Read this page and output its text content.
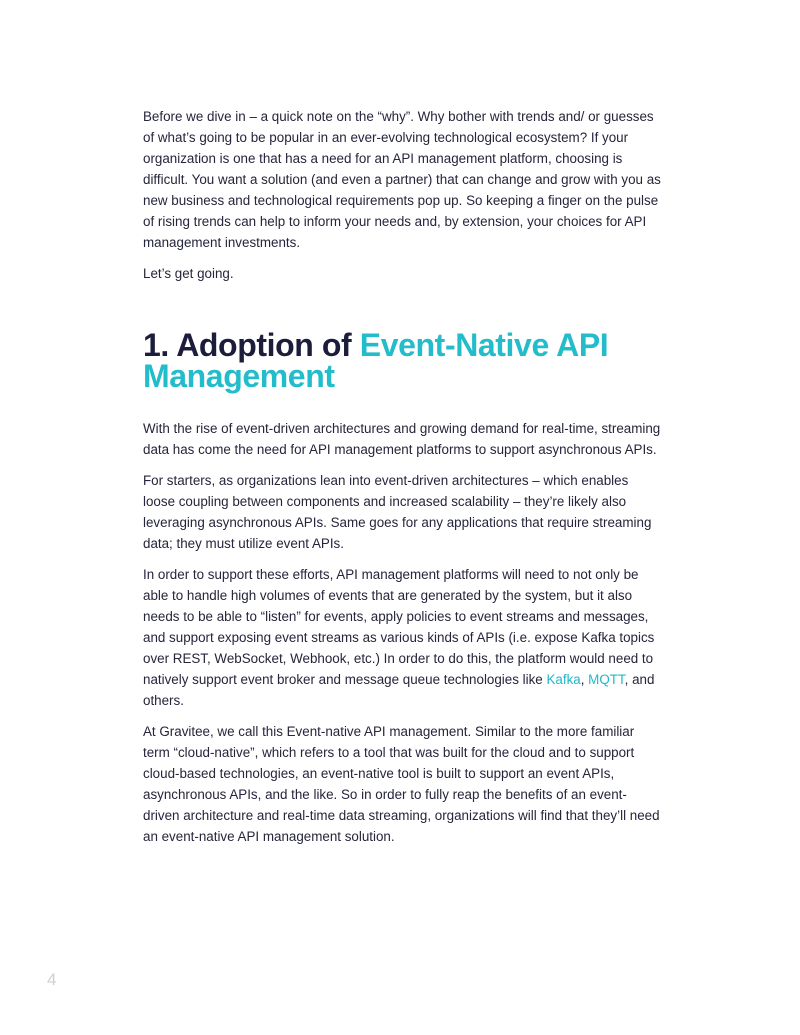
Before we dive in – a quick note on the “why”. Why bother with trends and/ or guesses of what’s going to be popular in an ever-evolving technological ecosystem? If your organization is one that has a need for an API management platform, choosing is difficult. You want a solution (and even a partner) that can change and grow with you as new business and technological requirements pop up. So keeping a finger on the pulse of rising trends can help to inform your needs and, by extension, your choices for API management investments.

Let’s get going.

1. Adoption of Event-Native API Management

With the rise of event-driven architectures and growing demand for real-time, streaming data has come the need for API management platforms to support asynchronous APIs.

For starters, as organizations lean into event-driven architectures – which enables loose coupling between components and increased scalability – they’re likely also leveraging asynchronous APIs. Same goes for any applications that require streaming data; they must utilize event APIs.

In order to support these efforts, API management platforms will need to not only be able to handle high volumes of events that are generated by the system, but it also needs to be able to “listen” for events, apply policies to event streams and messages, and support exposing event streams as various kinds of APIs (i.e. expose Kafka topics over REST, WebSocket, Webhook, etc.) In order to do this, the platform would need to natively support event broker and message queue technologies like Kafka, MQTT, and others.

At Gravitee, we call this Event-native API management. Similar to the more familiar term “cloud-native”, which refers to a tool that was built for the cloud and to support cloud-based technologies, an event-native tool is built to support an event APIs, asynchronous APIs, and the like. So in order to fully reap the benefits of an event-driven architecture and real-time data streaming, organizations will find that they’ll need an event-native API management solution.

4
